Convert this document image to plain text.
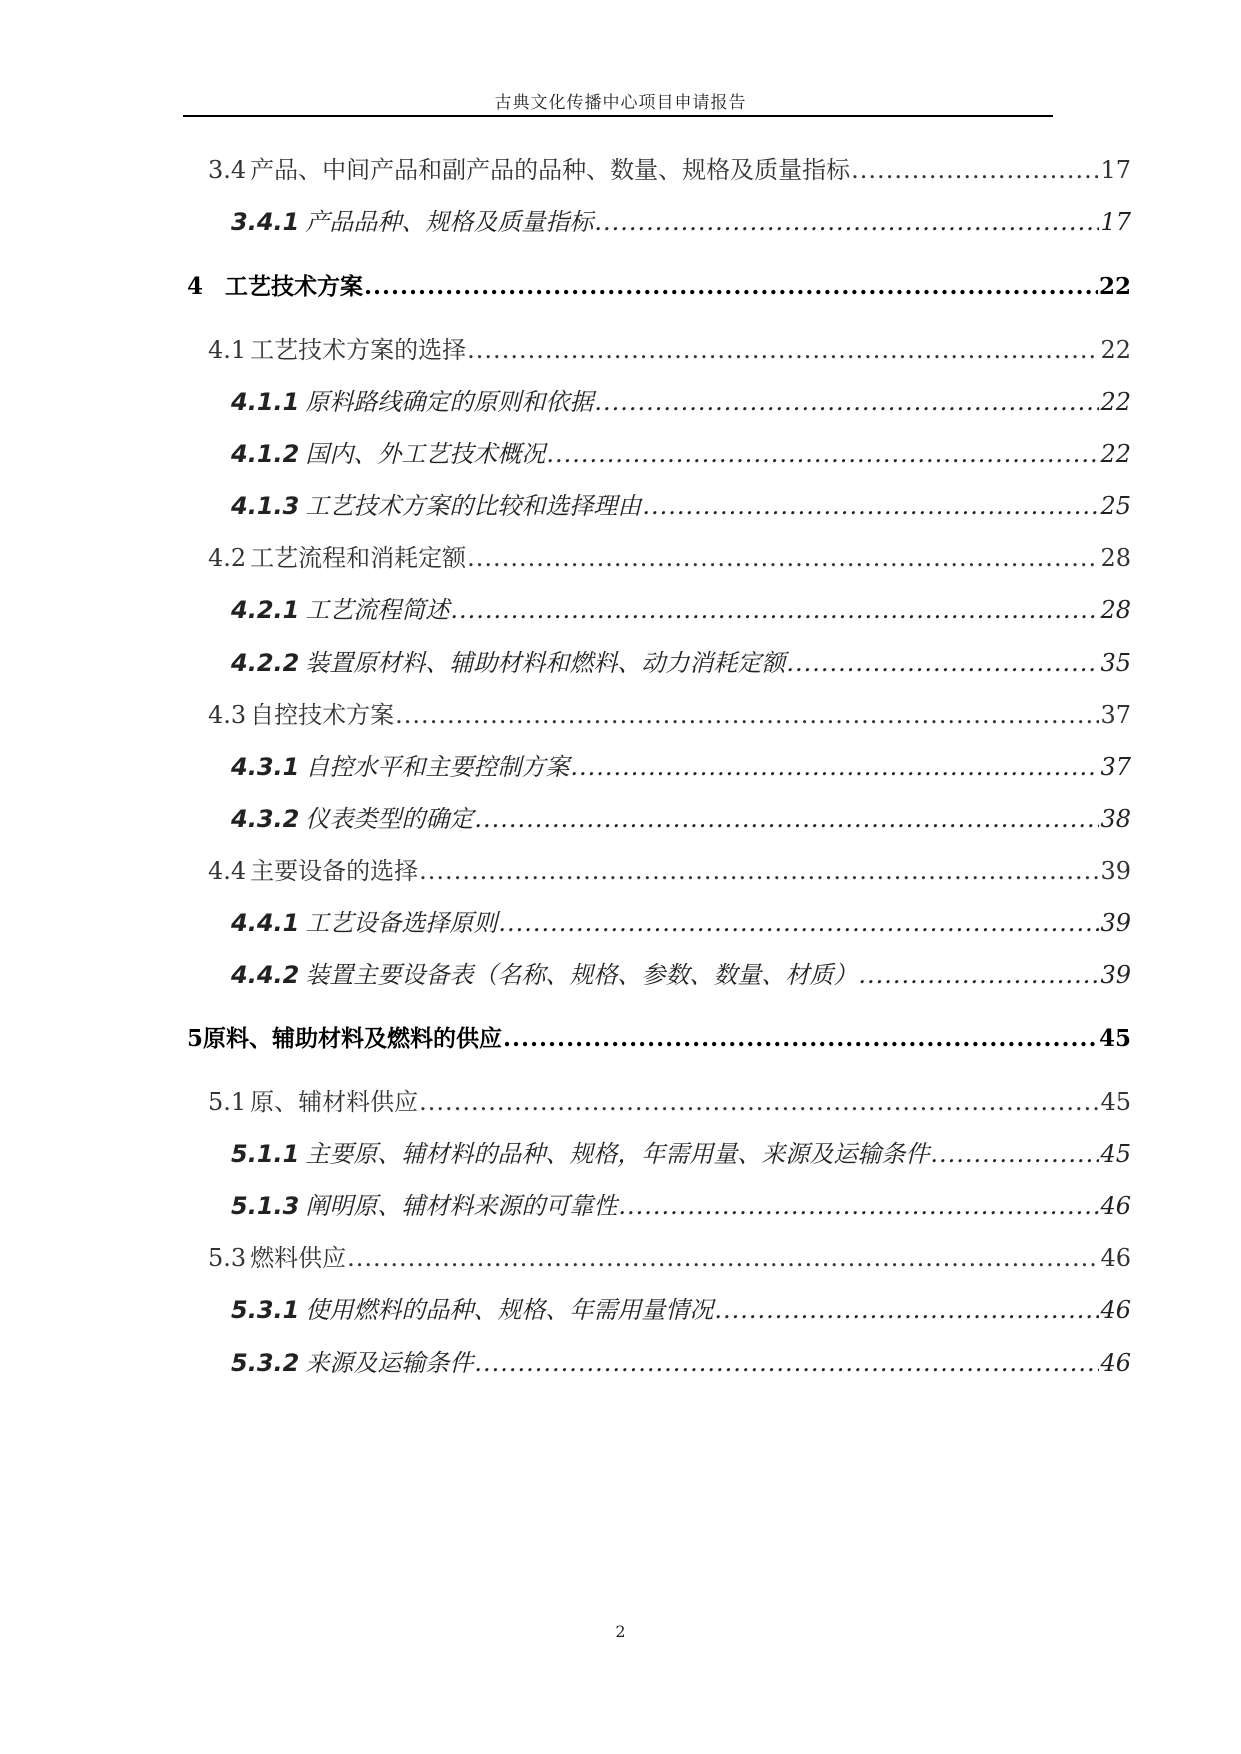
古典文化传播中心项目申请报告
3.4 产品、中间产品和副产品的品种、数量、规格及质量指标 .....	17
3.4.1 产品品种、规格及质量指标 .....	17
4 工艺技术方案 .....	22
4.1 工艺技术方案的选择 .....	22
4.1.1 原料路线确定的原则和依据 .....	22
4.1.2 国内、外工艺技术概况 .....	22
4.1.3 工艺技术方案的比较和选择理由 .....	25
4.2 工艺流程和消耗定额 .....	28
4.2.1 工艺流程简述 .....	28
4.2.2 装置原材料、辅助材料和燃料、动力消耗定额 .....	35
4.3 自控技术方案 .....	37
4.3.1 自控水平和主要控制方案 .....	37
4.3.2 仪表类型的确定 .....	38
4.4 主要设备的选择 .....	39
4.4.1 工艺设备选择原则 .....	39
4.4.2 装置主要设备表（名称、规格、参数、数量、材质） .....	39
5原料、辅助材料及燃料的供应 .....	45
5.1 原、辅材料供应 .....	45
5.1.1 主要原、辅材料的品种、规格，年需用量、来源及运输条件 .....	45
5.1.3 阐明原、辅材料来源的可靠性 .....	46
5.3 燃料供应 .....	46
5.3.1 使用燃料的品种、规格、年需用量情况 .....	46
5.3.2 来源及运输条件 .....	46
2
